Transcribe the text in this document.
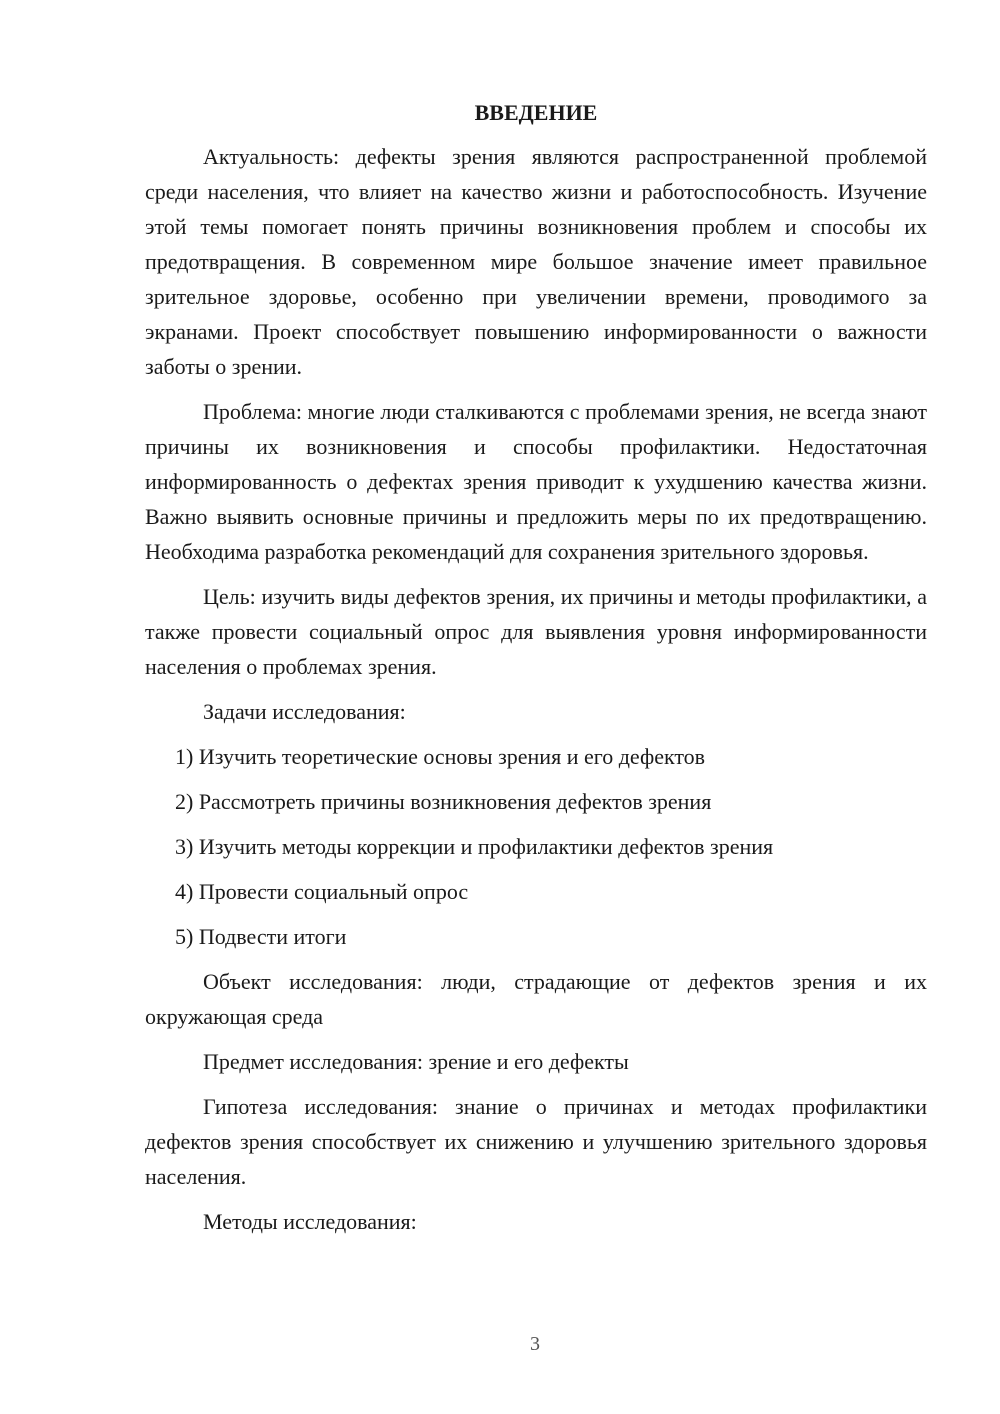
ВВЕДЕНИЕ

Актуальность: дефекты зрения являются распространенной проблемой среди населения, что влияет на качество жизни и работоспособность. Изучение этой темы помогает понять причины возникновения проблем и способы их предотвращения. В современном мире большое значение имеет правильное зрительное здоровье, особенно при увеличении времени, проводимого за экранами. Проект способствует повышению информированности о важности заботы о зрении.

Проблема: многие люди сталкиваются с проблемами зрения, не всегда знают причины их возникновения и способы профилактики. Недостаточная информированность о дефектах зрения приводит к ухудшению качества жизни. Важно выявить основные причины и предложить меры по их предотвращению. Необходима разработка рекомендаций для сохранения зрительного здоровья.

Цель: изучить виды дефектов зрения, их причины и методы профилактики, а также провести социальный опрос для выявления уровня информированности населения о проблемах зрения.

Задачи исследования:

1) Изучить теоретические основы зрения и его дефектов
2) Рассмотреть причины возникновения дефектов зрения
3) Изучить методы коррекции и профилактики дефектов зрения
4) Провести социальный опрос
5) Подвести итоги

Объект исследования: люди, страдающие от дефектов зрения и их окружающая среда

Предмет исследования: зрение и его дефекты

Гипотеза исследования: знание о причинах и методах профилактики дефектов зрения способствует их снижению и улучшению зрительного здоровья населения.

Методы исследования:

3
